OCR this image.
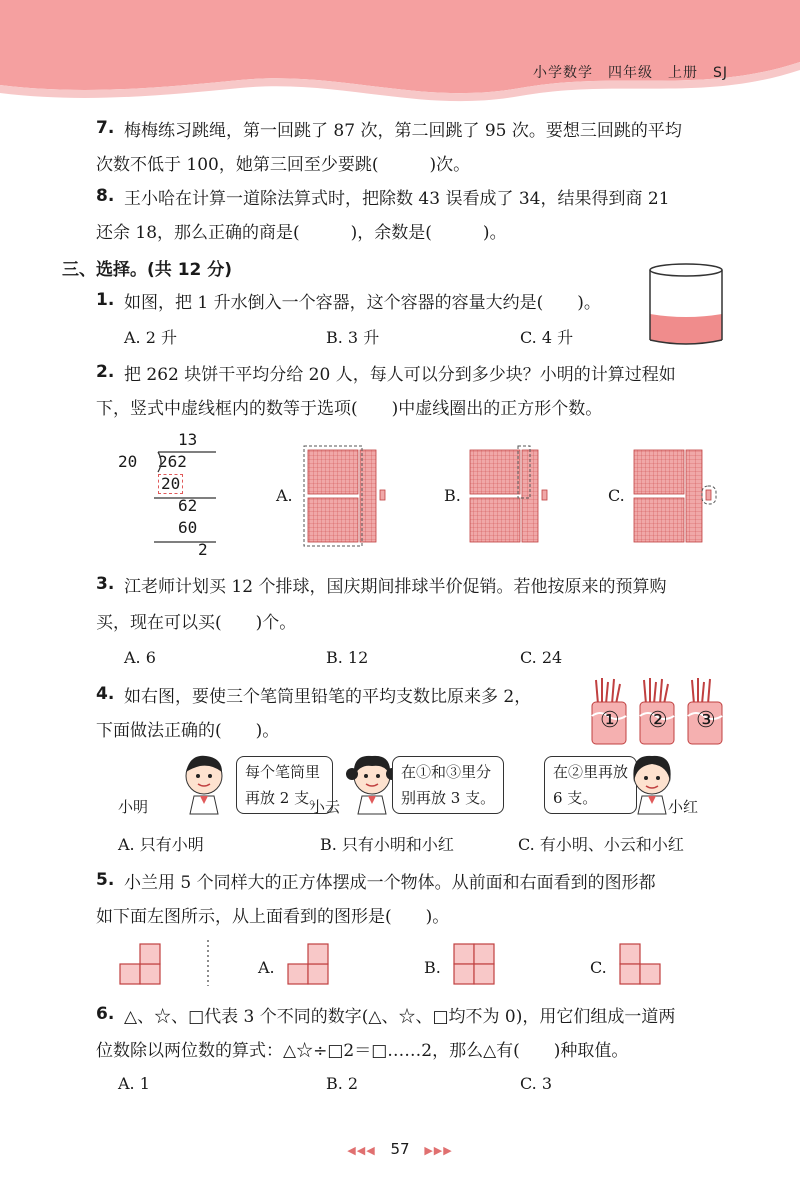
小学数学　 四年级　 上册　 SJ
7. 梅梅练习跳绳，第一回跳了 87 次，第二回跳了 95 次。要想三回跳的平均
次数不低于 100，她第三回至少要跳(　　　)次。
8. 王小哈在计算一道除法算式时，把除数 43 误看成了 34，结果得到商 21
还余 18，那么正确的商是(　　　)，余数是(　　　)。
三、选择。(共 12 分)
1. 如图，把 1 升水倒入一个容器，这个容器的容量大约是(　　)。
A. 2 升	B. 3 升	C. 4 升
2. 把 262 块饼干平均分给 20 人，每人可以分到多少块？小明的计算过程如
下，竖式中虚线框内的数等于选项(　　)中虚线圈出的正方形个数。
13
20 262
20
62
60
2
A.	B.	C.
3. 江老师计划买 12 个排球，国庆期间排球半价促销。若他按原来的预算购
买，现在可以买(　　)个。
A. 6	B. 12	C. 24
4. 如右图，要使三个笔筒里铅笔的平均支数比原来多 2，
下面做法正确的(　　)。	① ② ③
小明
每个笔筒里
再放 2 支。
小云
在①和③里分
别再放 3 支。
在②里再放
6 支。	小红
A. 只有小明	B. 只有小明和小红	C. 有小明、小云和小红
5. 小兰用 5 个同样大的正方体摆成一个物体。从前面和右面看到的图形都
如下面左图所示，从上面看到的图形是(　　)。
A.	B.	C.
6. △、☆、□代表 3 个不同的数字(△、☆、□均不为 0)，用它们组成一道两
位数除以两位数的算式：△☆÷□2＝□……2，那么△有(　　)种取值。
A. 1	B. 2	C. 3
◀◀◀ 57 ▶▶▶
